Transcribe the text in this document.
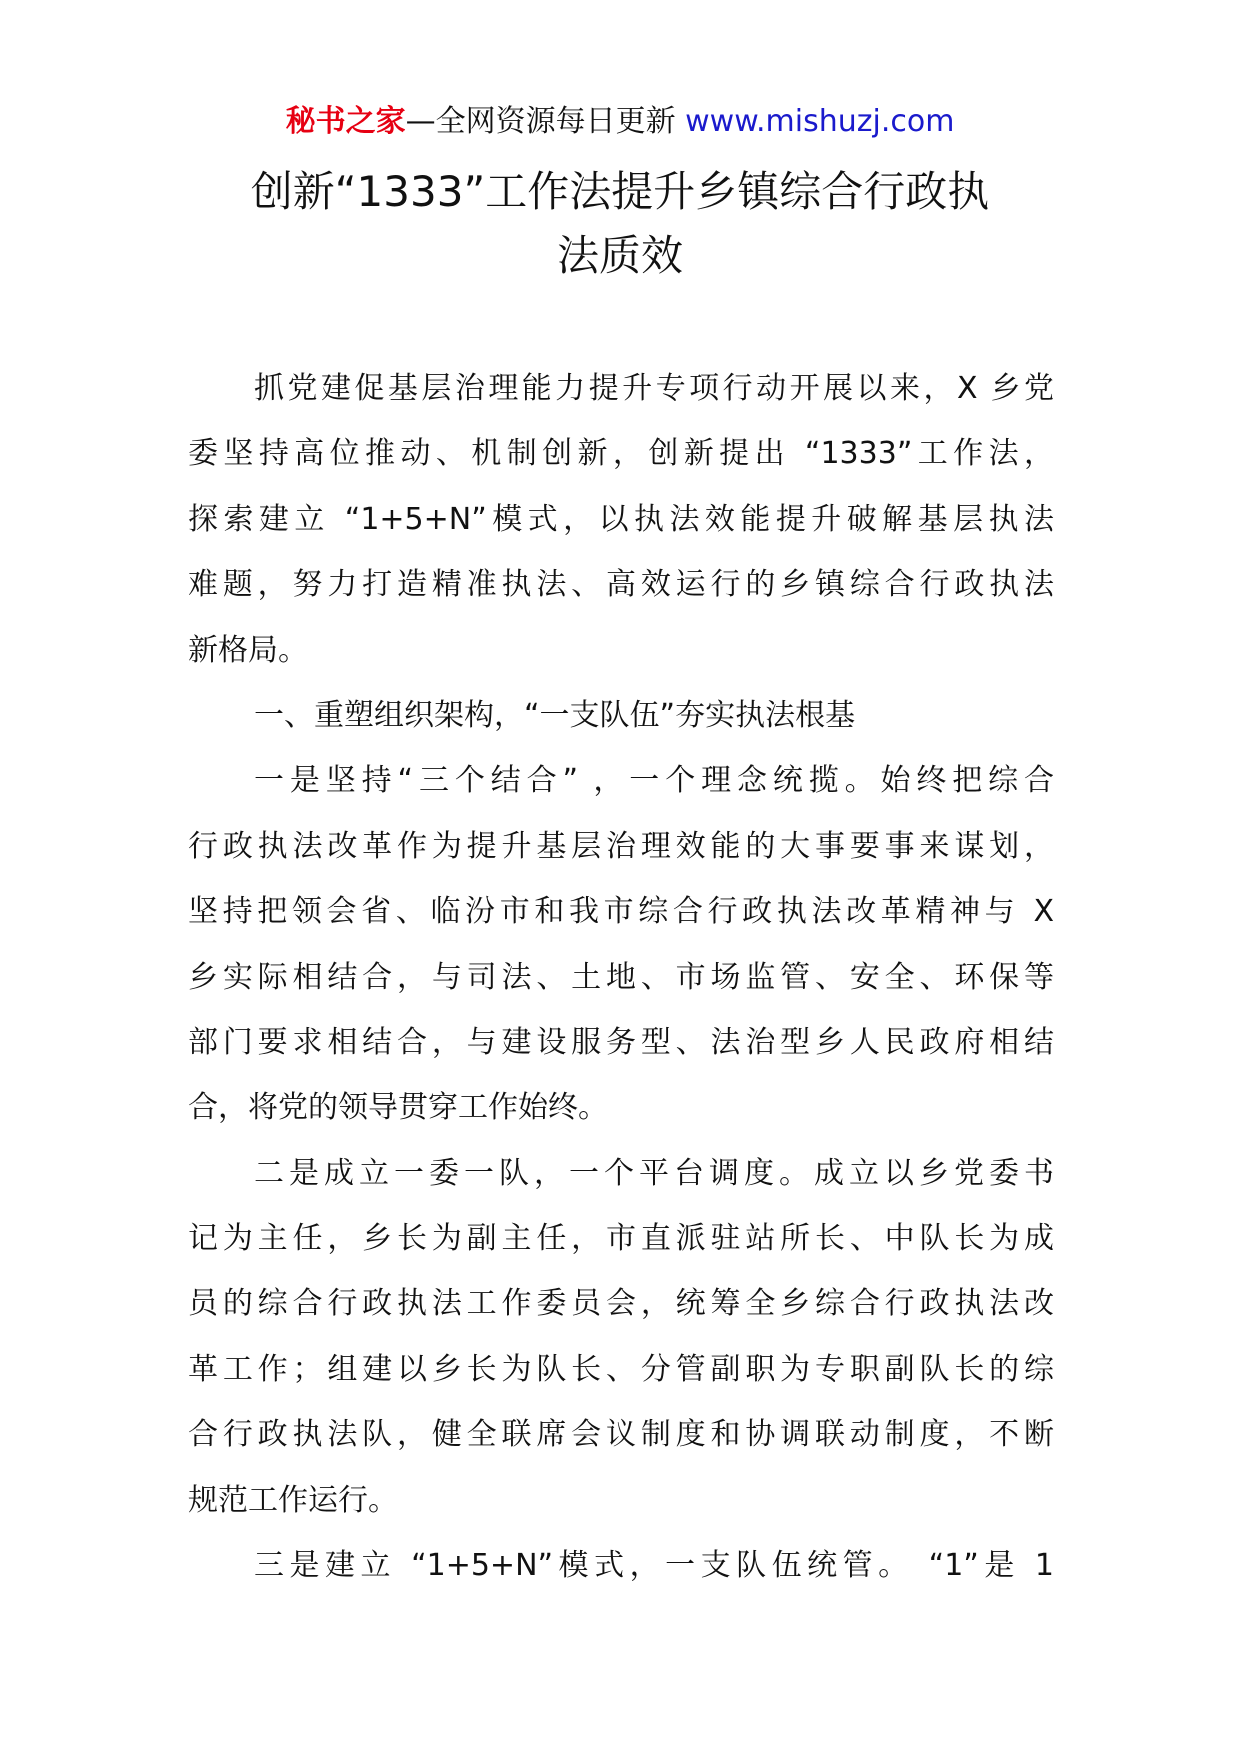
秘书之家—全网资源每日更新 www.mishuzj.com
创新“1333”工作法提升乡镇综合行政执
法质效

抓党建促基层治理能力提升专项行动开展以来，X 乡党
委坚持高位推动、机制创新，创新提出 “1333”工作法，
探索建立 “1+5+N”模式，以执法效能提升破解基层执法
难题，努力打造精准执法、高效运行的乡镇综合行政执法
新格局。

一、重塑组织架构，“一支队伍”夯实执法根基

一是坚持“三个结合” ，一个理念统揽。始终把综合
行政执法改革作为提升基层治理效能的大事要事来谋划，
坚持把领会省、临汾市和我市综合行政执法改革精神与 X
乡实际相结合，与司法、土地、市场监管、安全、环保等
部门要求相结合，与建设服务型、法治型乡人民政府相结
合，将党的领导贯穿工作始终。

二是成立一委一队，一个平台调度。成立以乡党委书
记为主任，乡长为副主任，市直派驻站所长、中队长为成
员的综合行政执法工作委员会，统筹全乡综合行政执法改
革工作；组建以乡长为队长、分管副职为专职副队长的综
合行政执法队，健全联席会议制度和协调联动制度，不断
规范工作运行。

三是建立 “1+5+N”模式，一支队伍统管。 “1”是 1
